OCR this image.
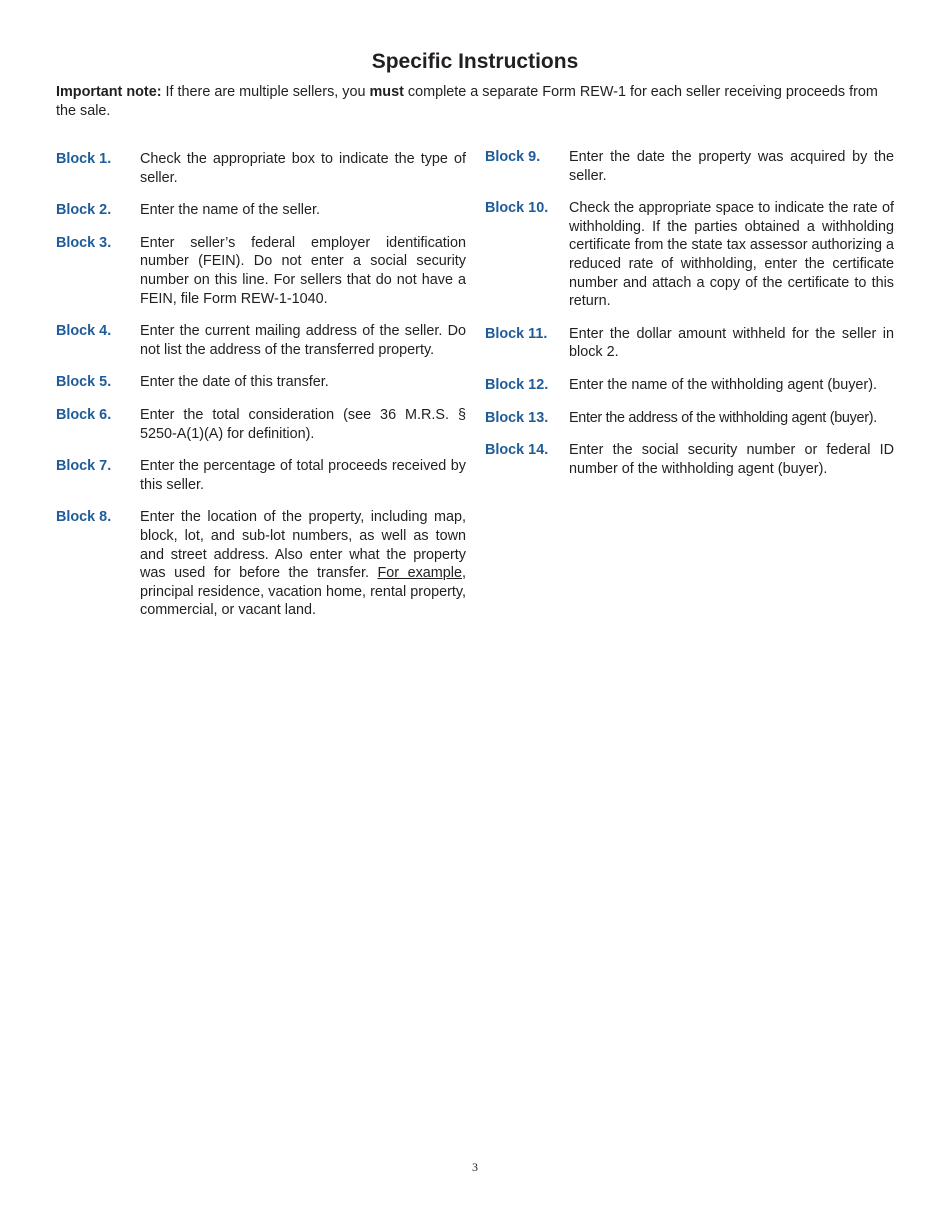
Specific Instructions
Important note: If there are multiple sellers, you must complete a separate Form REW-1 for each seller receiving proceeds from the sale.
Block 1.	Check the appropriate box to indicate the type of seller.
Block 2.	Enter the name of the seller.
Block 3.	Enter seller’s federal employer identification number (FEIN). Do not enter a social security number on this line. For sellers that do not have a FEIN, file Form REW-1-1040.
Block 4.	Enter the current mailing address of the seller. Do not list the address of the transferred property.
Block 5.	Enter the date of this transfer.
Block 6.	Enter the total consideration (see 36 M.R.S. § 5250-A(1)(A) for definition).
Block 7.	Enter the percentage of total proceeds received by this seller.
Block 8.	Enter the location of the property, including map, block, lot, and sub-lot numbers, as well as town and street address. Also enter what the property was used for before the transfer. For example, principal residence, vacation home, rental property, commercial, or vacant land.
Block 9.	Enter the date the property was acquired by the seller.
Block 10.	Check the appropriate space to indicate the rate of withholding. If the parties obtained a withholding certificate from the state tax assessor authorizing a reduced rate of withholding, enter the certificate number and attach a copy of the certificate to this return.
Block 11.	Enter the dollar amount withheld for the seller in block 2.
Block 12.	Enter the name of the withholding agent (buyer).
Block 13.	Enter the address of the withholding agent (buyer).
Block 14.	Enter the social security number or federal ID number of the withholding agent (buyer).
3
